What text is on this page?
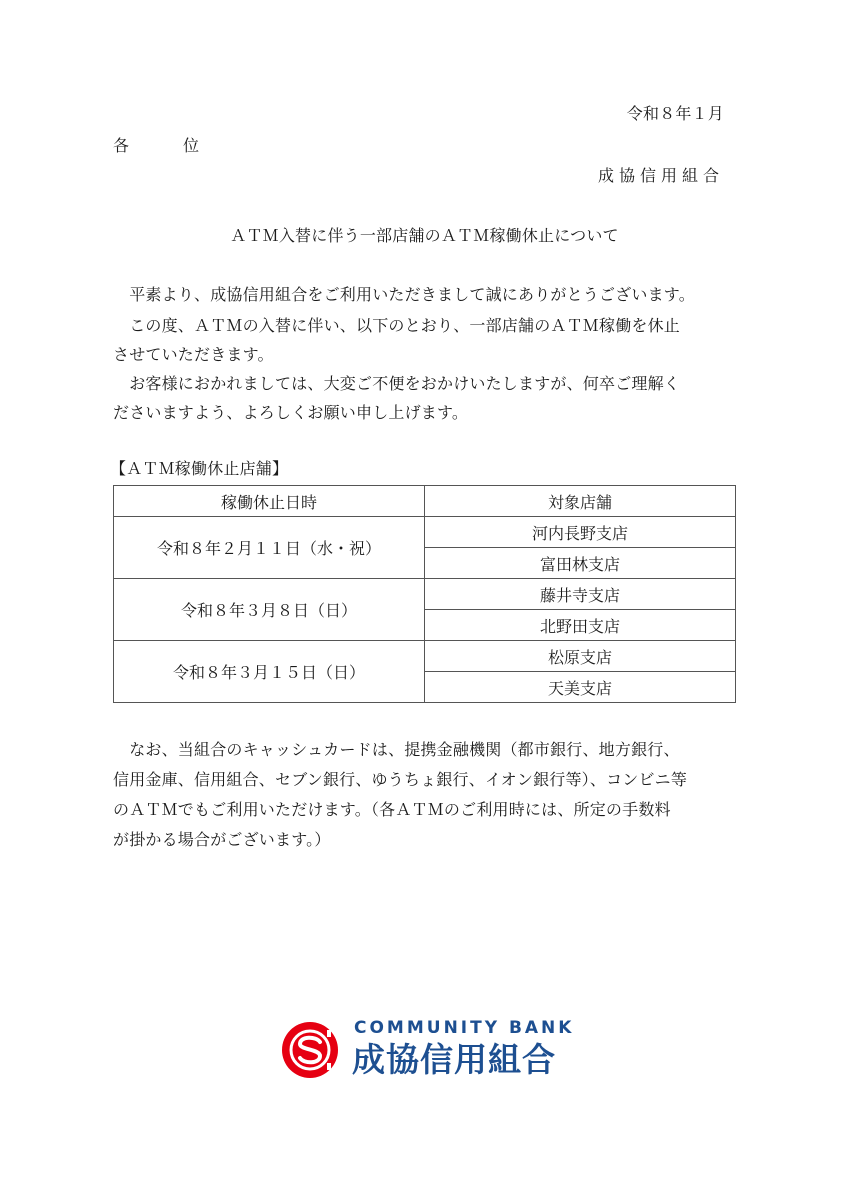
令和８年１月
各	位
成協信用組合
ＡＴＭ入替に伴う一部店舗のＡＴＭ稼働休止について
　平素より、成協信用組合をご利用いただきまして誠にありがとうございます。
　この度、ＡＴＭの入替に伴い、以下のとおり、一部店舗のＡＴＭ稼働を休止
させていただきます。
　お客様におかれましては、大変ご不便をおかけいたしますが、何卒ご理解く
ださいますよう、よろしくお願い申し上げます。
【ＡＴＭ稼働休止店舗】
稼働休止日時	対象店舗
令和８年２月１１日（水・祝）	河内長野支店
	富田林支店
令和８年３月８日（日）	藤井寺支店
	北野田支店
令和８年３月１５日（日）	松原支店
	天美支店
　なお、当組合のキャッシュカードは、提携金融機関（都市銀行、地方銀行、
信用金庫、信用組合、セブン銀行、ゆうちょ銀行、イオン銀行等）、コンビニ等
のＡＴＭでもご利用いただけます。（各ＡＴＭのご利用時には、所定の手数料
が掛かる場合がございます。）
COMMUNITY BANK
成協信用組合
